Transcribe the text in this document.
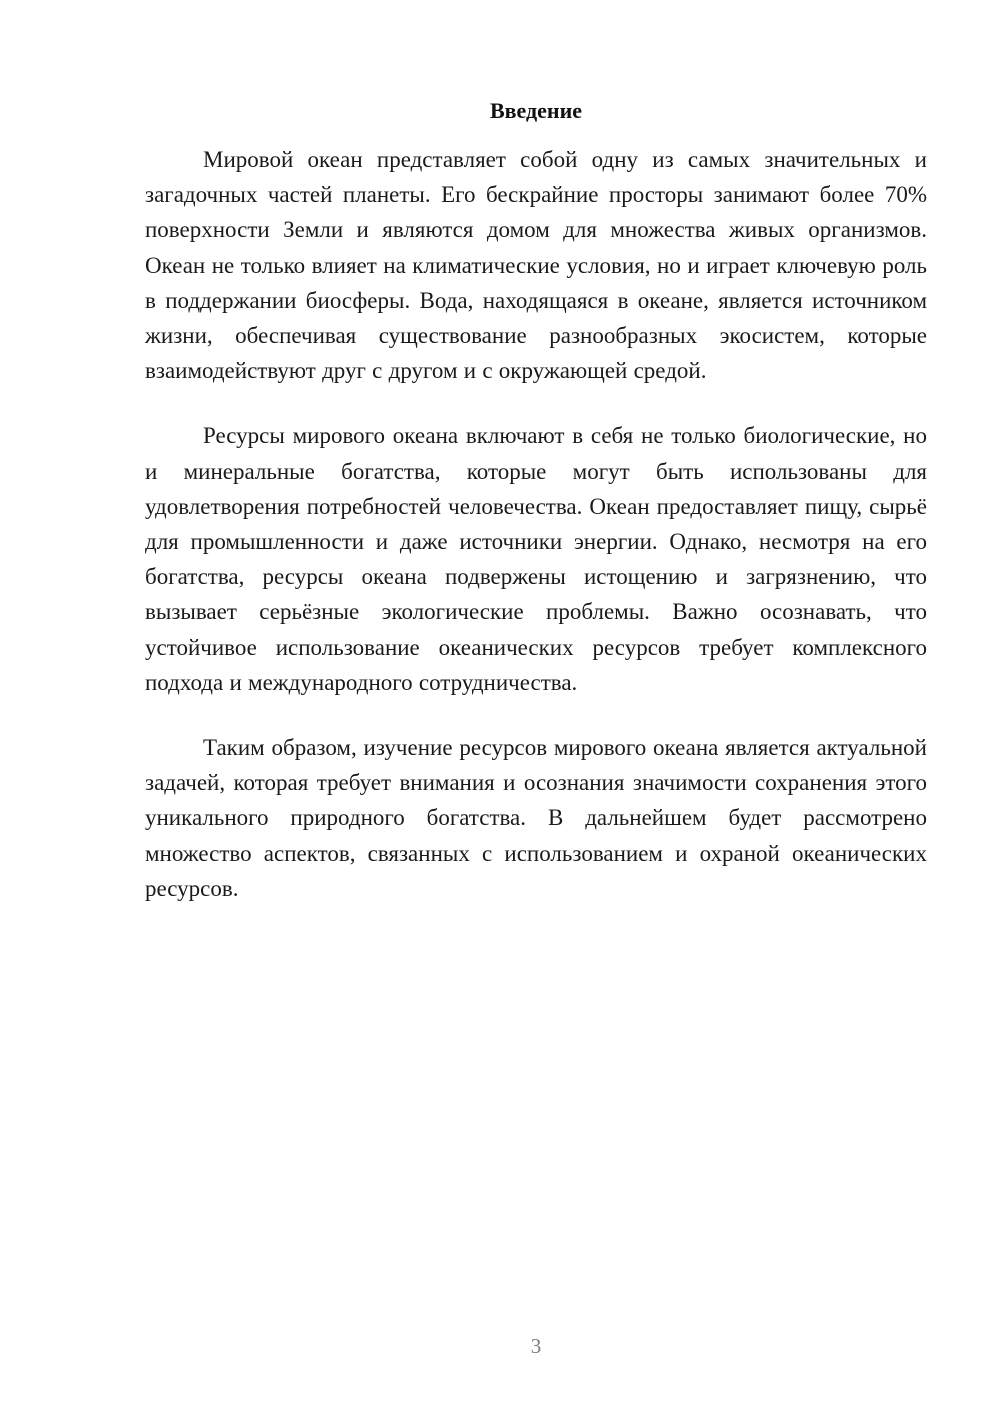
Введение

Мировой океан представляет собой одну из самых значительных и загадочных частей планеты. Его бескрайние просторы занимают более 70% поверхности Земли и являются домом для множества живых организмов. Океан не только влияет на климатические условия, но и играет ключевую роль в поддержании биосферы. Вода, находящаяся в океане, является источником жизни, обеспечивая существование разнообразных экосистем, которые взаимодействуют друг с другом и с окружающей средой.

Ресурсы мирового океана включают в себя не только биологические, но и минеральные богатства, которые могут быть использованы для удовлетворения потребностей человечества. Океан предоставляет пищу, сырьё для промышленности и даже источники энергии. Однако, несмотря на его богатства, ресурсы океана подвержены истощению и загрязнению, что вызывает серьёзные экологические проблемы. Важно осознавать, что устойчивое использование океанических ресурсов требует комплексного подхода и международного сотрудничества.

Таким образом, изучение ресурсов мирового океана является актуальной задачей, которая требует внимания и осознания значимости сохранения этого уникального природного богатства. В дальнейшем будет рассмотрено множество аспектов, связанных с использованием и охраной океанических ресурсов.

3
